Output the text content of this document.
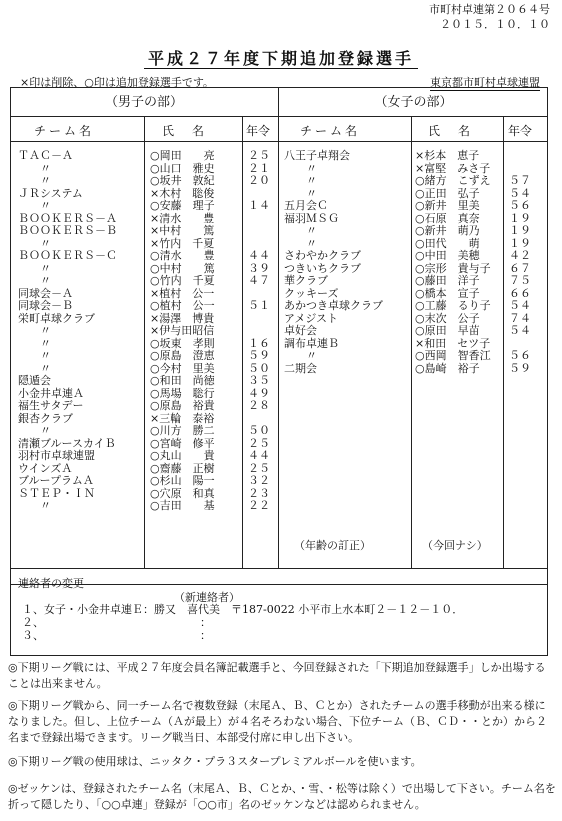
市町村卓連第２０６４号
２０１５．１０．１０
平成２７年度下期追加登録選手
×印は削除、○印は追加登録選手です。	東京都市町村卓球連盟
（男子の部）	（女子の部）
チーム名	氏　名	年令 チーム名	氏　名	年令
ＴＡＣ－Ａ	○岡田　　亮	２５
〃	○山口　雅史	２１
〃	○坂井　敦紀	２０
ＪＲシステム	×木村　聡俊
〃	○安藤　理子	１４
ＢＯＯＫＥＲＳ－Ａ	×清水　　豊
ＢＯＯＫＥＲＳ－Ｂ	×中村　　篤
〃	×竹内　千夏
ＢＯＯＫＥＲＳ－Ｃ	○清水　　豊	４４
〃	○中村　　篤	３９
〃	○竹内　千夏	４７
同球会－Ａ	×植村　公一
同球会－Ｂ	○植村　公一	５１
栄町卓球クラブ	×湯澤　博貴
〃	×伊与田昭信
〃	○坂東　孝則	１６
〃	○原島　澄恵	５９
〃	○今村　里美	５０
隠遁会	○和田　尚徳	３５
小金井卓連Ａ	○馬場　聡行	４９
福生サタデー	○原島　裕貴	２８
銀杏クラブ	×三輪　泰裕
〃	○川方　勝二	５０
清瀬ブルースカイＢ	○宮崎　修平	２５
羽村市卓球連盟	○丸山　　貴	４４
ウインズＡ	○齋藤　正樹	２５
ブループラムＡ	○杉山　陽一	３２
ＳＴＥＰ・ＩＮ	○穴原　和真	２３
〃	○吉田　　基	２２
八王子卓翔会	×杉本　恵子
〃	×富堅　みさ子
〃	○緒方　こずえ ５７
〃	○正田　弘子	５４
五月会Ｃ	○新井　里美	５６
福羽ＭＳＧ	○石原　真奈	１９
〃	○新井　萌乃	１９
〃	○田代　　萌	１９
さわやかクラブ	○中田　美穂	４２
つきいちクラブ	○宗形　貴与子 ６７
華クラブ	○藤田　洋子	７５
クッキーズ	○橋本　宣子	６６
あかつき卓球クラブ	○工藤　るり子 ５４
アメジスト	○末次　公子	７４
卓好会	○原田　早苗	５４
調布卓連Ｂ	×和田　セツ子
〃	○西岡　智香江 ５６
二期会	○島崎　裕子	５９
（年齢の訂正）	（今回ナシ）
連絡者の変更
（新連絡者）
１、女子・小金井卓連Ｅ：勝又　喜代美　〒187-0022 小平市上水本町２－１２－１０．
２、
３、
：
：
◎下期リーグ戦には、平成２７年度会員名簿記載選手と、今回登録された「下期追加登録選手」しか出場することは出来ません。
◎下期リーグ戦から、同一チーム名で複数登録（末尾Ａ、Ｂ、Ｃとか）されたチームの選手移動が出来る様になりました。但し、上位チーム（Ａが最上）が４名そろわない場合、下位チーム（Ｂ、ＣＤ・・とか）から２名まで登録出場できます。リーグ戦当日、本部受付席に申し出下さい。
◎下期リーグ戦の使用球は、ニッタク・プラ３スタープレミアルボールを使います。
◎ゼッケンは、登録されたチーム名（末尾Ａ、Ｂ、Ｃとか、・雪、・松等は除く）で出場して下さい。チーム名を折って隠したり、「○○卓連」登録が「○○市」名のゼッケンなどは認められません。
